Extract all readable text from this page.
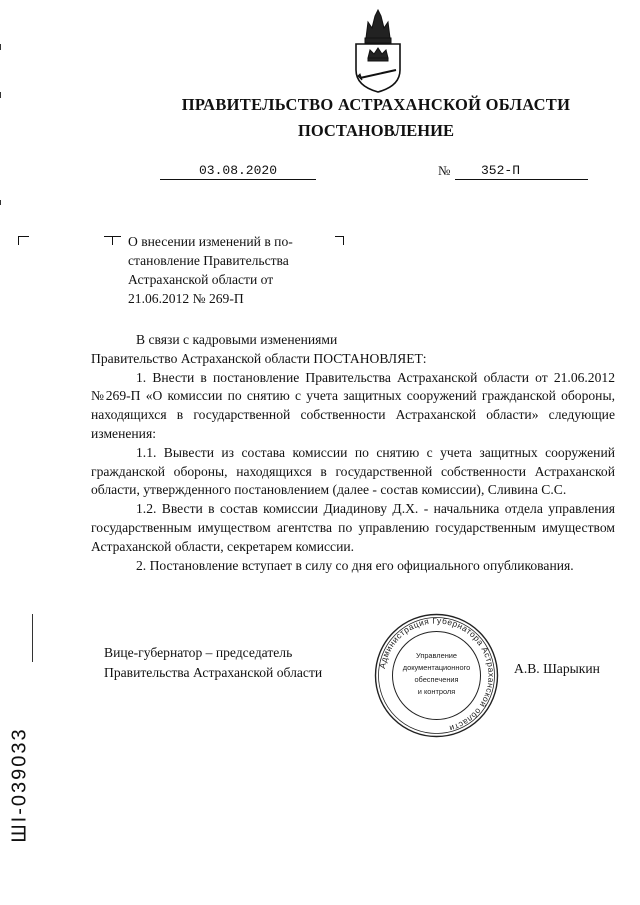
ПРАВИТЕЛЬСТВО АСТРАХАНСКОЙ ОБЛАСТИ
ПОСТАНОВЛЕНИЕ
03.08.2020	№	352-П
О внесении изменений в по-
становление Правительства
Астраханской области от
21.06.2012 № 269-П

В связи с кадровыми изменениями

Правительство Астраханской области ПОСТАНОВЛЯЕТ:

1. Внести в постановление Правительства Астраханской области от 21.06.2012 №269-П «О комиссии по снятию с учета защитных сооружений гражданской обороны, находящихся в государственной собственности Астраханской области» следующие изменения:

1.1. Вывести из состава комиссии по снятию с учета защитных сооружений гражданской обороны, находящихся в государственной собственности Астраханской области, утвержденного постановлением (далее - состав комиссии), Сливина С.С.

1.2. Ввести в состав комиссии Диадинову Д.Х. - начальника отдела управления государственным имуществом агентства по управлению государственным имуществом Астраханской области, секретарем комиссии.

2. Постановление вступает в силу со дня его официального опубликования.

Вице-губернатор – председатель
Правительства Астраханской области	А.В. Шарыкин
Администрация Губернатора Астраханской области
Управление
документационного
обеспечения
и контроля
ШI-039033
